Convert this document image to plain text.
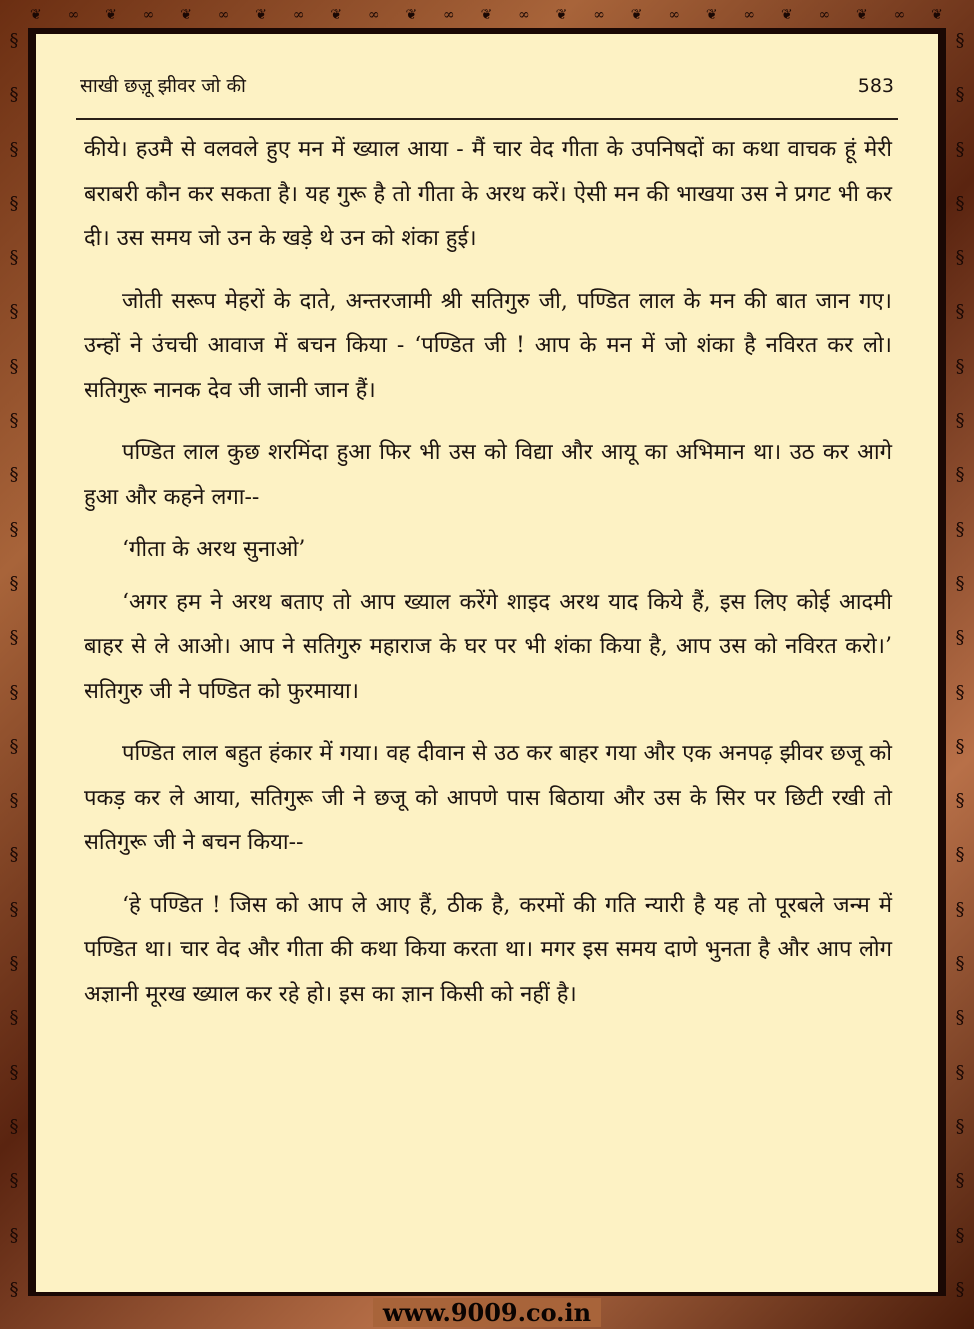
❦ ∞ ❦ ∞ ❦ ∞ ❦ ∞ ❦ ∞ ❦ ∞ ❦ ∞ ❦ ∞ ❦ ∞ ❦ ∞ ❦ ∞ ❦ ∞ ❦
§
§
§
§
§
§
§
§
§
§
§
§
§
§
§
§
§
§
§
§
§
§
§
§
§
§
§
§
§
§
§
§
§
§
§
§
§
§
§
§
§
§
§
§
§
§
§
§
साखी छज़ू झीवर जो की	583

कीये। हउमै से वलवले हुए मन में ख्याल आया - मैं चार वेद गीता के उपनिषदों का कथा वाचक हूं मेरी बराबरी कौन कर सकता है। यह गुरू है तो गीता के अरथ करें। ऐसी मन की भाखया उस ने प्रगट भी कर दी। उस समय जो उन के खड़े थे उन को शंका हुई।

जोती सरूप मेहरों के दाते, अन्तरजामी श्री सतिगुरु जी, पण्डित लाल के मन की बात जान गए। उन्हों ने उंचची आवाज में बचन किया - ‘पण्डित जी ! आप के मन में जो शंका है नविरत कर लो। सतिगुरू नानक देव जी जानी जान हैं।

पण्डित लाल कुछ शरमिंदा हुआ फिर भी उस को विद्या और आयू का अभिमान था। उठ कर आगे हुआ और कहने लगा--

‘गीता के अरथ सुनाओ’

‘अगर हम ने अरथ बताए तो आप ख्याल करेंगे शाइद अरथ याद किये हैं, इस लिए कोई आदमी बाहर से ले आओ। आप ने सतिगुरु महाराज के घर पर भी शंका किया है, आप उस को नविरत करो।’ सतिगुरु जी ने पण्डित को फुरमाया।

पण्डित लाल बहुत हंकार में गया। वह दीवान से उठ कर बाहर गया और एक अनपढ़ झीवर छजू को पकड़ कर ले आया, सतिगुरू जी ने छजू को आपणे पास बिठाया और उस के सिर पर छिटी रखी तो सतिगुरू जी ने बचन किया--

‘हे पण्डित ! जिस को आप ले आए हैं, ठीक है, करमों की गति न्यारी है यह तो पूरबले जन्म में पण्डित था। चार वेद और गीता की कथा किया करता था। मगर इस समय दाणे भुनता है और आप लोग अज्ञानी मूरख ख्याल कर रहे हो। इस का ज्ञान किसी को नहीं है।

www.9009.co.in
